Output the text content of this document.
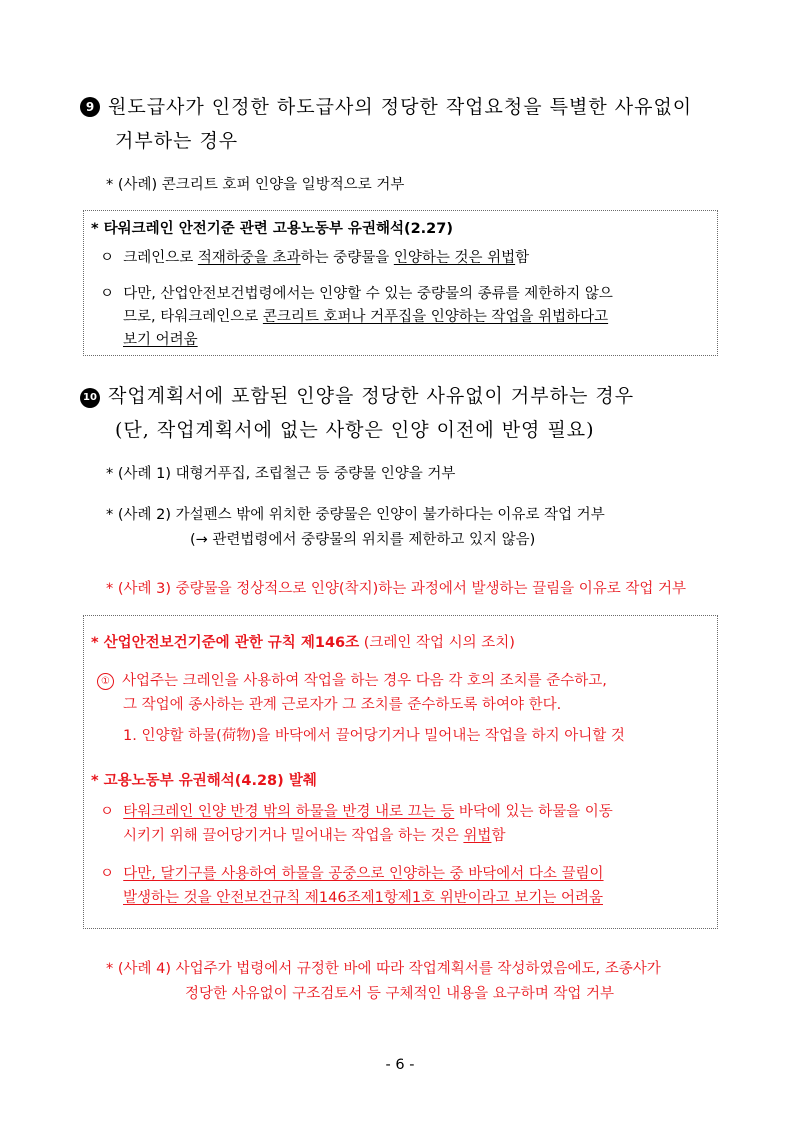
9 원도급사가 인정한 하도급사의 정당한 작업요청을 특별한 사유없이
거부하는 경우
* (사례) 콘크리트 호퍼 인양을 일방적으로 거부
* 타워크레인 안전기준 관련 고용노동부 유권해석(2.27)
ㅇ 크레인으로 적재하중을 초과하는 중량물을 인양하는 것은 위법함
ㅇ 다만, 산업안전보건법령에서는 인양할 수 있는 중량물의 종류를 제한하지 않으
므로, 타워크레인으로 콘크리트 호퍼나 거푸집을 인양하는 작업을 위법하다고
보기 어려움
10 작업계획서에 포함된 인양을 정당한 사유없이 거부하는 경우
(단, 작업계획서에 없는 사항은 인양 이전에 반영 필요)
* (사례 1) 대형거푸집, 조립철근 등 중량물 인양을 거부
* (사례 2) 가설펜스 밖에 위치한 중량물은 인양이 불가하다는 이유로 작업 거부
(→ 관련법령에서 중량물의 위치를 제한하고 있지 않음)
* (사례 3) 중량물을 정상적으로 인양(착지)하는 과정에서 발생하는 끌림을 이유로 작업 거부
* 산업안전보건기준에 관한 규칙 제146조 (크레인 작업 시의 조치)
① 사업주는 크레인을 사용하여 작업을 하는 경우 다음 각 호의 조치를 준수하고,
그 작업에 종사하는 관계 근로자가 그 조치를 준수하도록 하여야 한다.
1. 인양할 하물(荷物)을 바닥에서 끌어당기거나 밀어내는 작업을 하지 아니할 것
* 고용노동부 유권해석(4.28) 발췌
ㅇ 타워크레인 인양 반경 밖의 하물을 반경 내로 끄는 등 바닥에 있는 하물을 이동
시키기 위해 끌어당기거나 밀어내는 작업을 하는 것은 위법함
ㅇ 다만, 달기구를 사용하여 하물을 공중으로 인양하는 중 바닥에서 다소 끌림이
발생하는 것을 안전보건규칙 제146조제1항제1호 위반이라고 보기는 어려움
* (사례 4) 사업주가 법령에서 규정한 바에 따라 작업계획서를 작성하였음에도, 조종사가
정당한 사유없이 구조검토서 등 구체적인 내용을 요구하며 작업 거부
- 6 -
